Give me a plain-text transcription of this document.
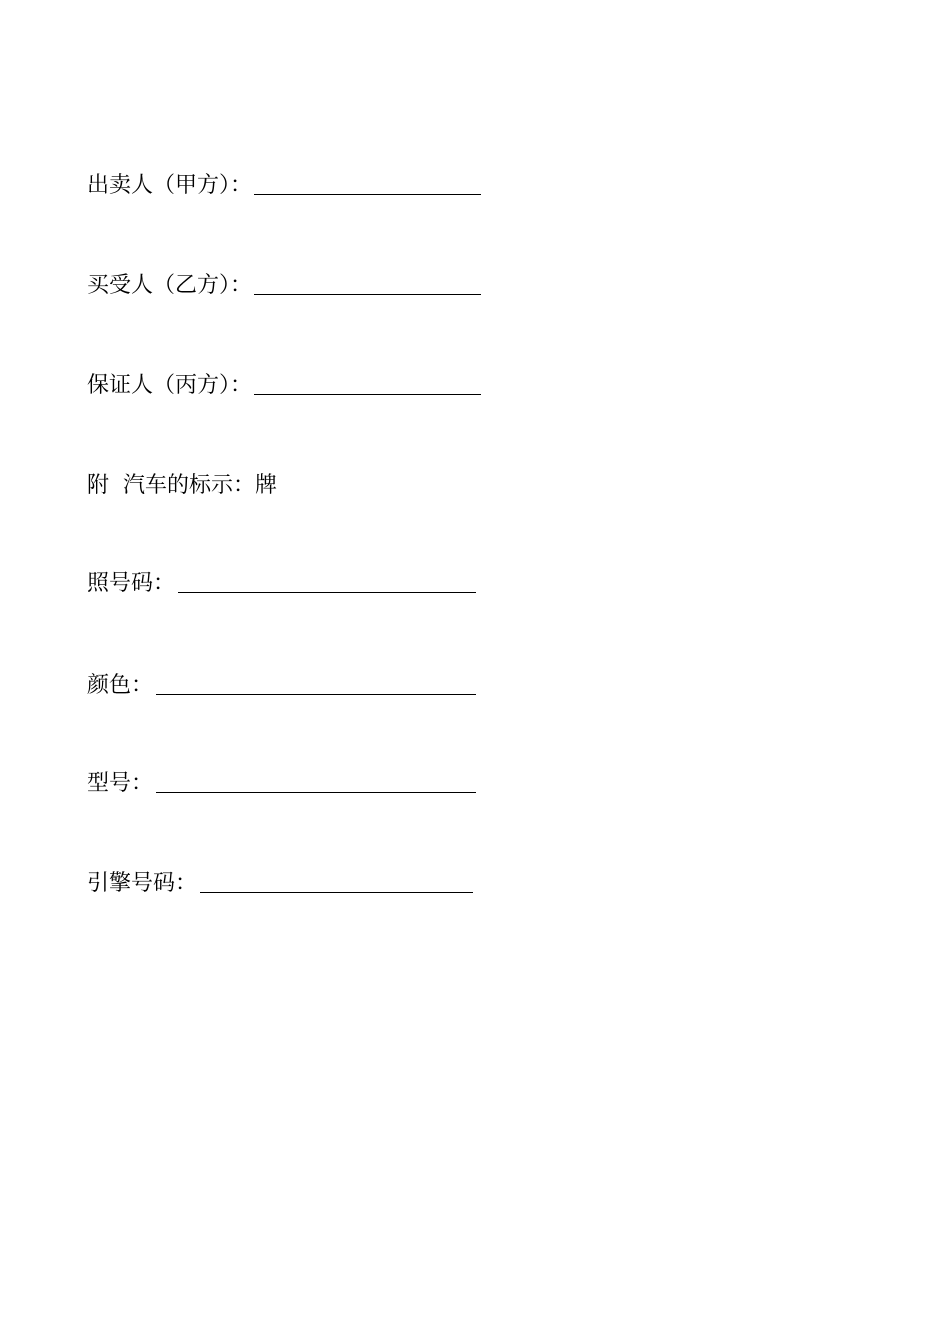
出卖人（甲方）：
买受人（乙方）：
保证人（丙方）：
附  汽车的标示：牌
照号码：
颜色：
型号：
引擎号码：
